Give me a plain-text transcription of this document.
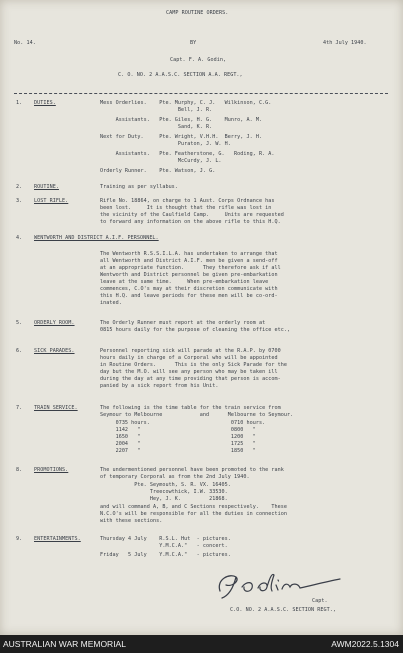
CAMP ROUTINE ORDERS.
No. 14.	BY	4th July 1940.
Capt. F. A. Godin,
C. O. NO. 2 A.A.S.C. SECTION A.A. REGT.,
1. DUTIES.	Mess Orderlies.    Pte. Murphy, C. J.   Wilkinson, C.G.
Bell, J. R.
Assistants.   Pte. Giles, H. G.    Munro, A. M.
Sand, K. R.
Next for Duty.     Pte. Wright, V.H.H.  Berry, J. H.
Puraton, J. W. H.
Assistants.   Pte. Featherstone, G.   Roding, R. A.
McCurdy, J. L.
Orderly Runner.    Pte. Watson, J. G.
2. ROUTINE.	Training as per syllabus.
3. LOST RIFLE.	Rifle No. 18864, on charge to 1 Aust. Corps Ordnance has
been lost.     It is thought that the rifle was lost in
the vicinity of the Caulfield Camp.     Units are requested
to forward any information on the above rifle to this H.Q.
4. WENTWORTH AND DISTRICT A.I.F. PERSONNEL.
The Wentworth R.S.S.I.L.A. has undertaken to arrange that
all Wentworth and District A.I.F. men be given a send-off
at an appropriate function.      They therefore ask if all
Wentworth and District personnel be given pre-embarkation
leave at the same time.     When pre-embarkation leave
commences, C.O's may at their discretion communicate with
this H.Q. and leave periods for these men will be co-ord-
inated.
5. ORDERLY ROOM.	The Orderly Runner must report at the orderly room at
0815 hours daily for the purpose of cleaning the office etc.,
6. SICK PARADES.	Personnel reporting sick will parade at the R.A.P. by 0700
hours daily in charge of a Corporal who will be appointed
in Routine Orders.      This is the only Sick Parade for the
day but the M.O. will see any person who may be taken ill
during the day at any time providing that person is accom-
panied by a sick report from his Unit.
7. TRAIN SERVICE.	The following is the time table for the train service from
Seymour to Melbourne            and      Melbourne to Seymour.
0735 hours.                          0710 hours.
1142   "                             0800   "
1650   "                             1200   "
2004   "                             1725   "
2207   "                             1850   "
8. PROMOTIONS.	The undermentioned personnel have been promoted to the rank
of temporary Corporal as from the 2nd July 1940.
Pte. Seymouth, S. R. VX. 16405.
Treecowthick, I.W. 33530.
Hey, J. K.         21868.
and will command A, B, and C Sections respectively.    These
N.C.O's will be responsible for all the duties in connection
with these sections.
9. ENTERTAINMENTS.	Thursday 4 July    R.S.L. Hut  - pictures.
Y.M.C.A."   - concert.
Friday   5 July    Y.M.C.A."   - pictures.
Capt.
C.O. NO. 2 A.A.S.C. SECTION REGT.,
AUSTRALIAN WAR MEMORIAL	AWM2022.5.1304
